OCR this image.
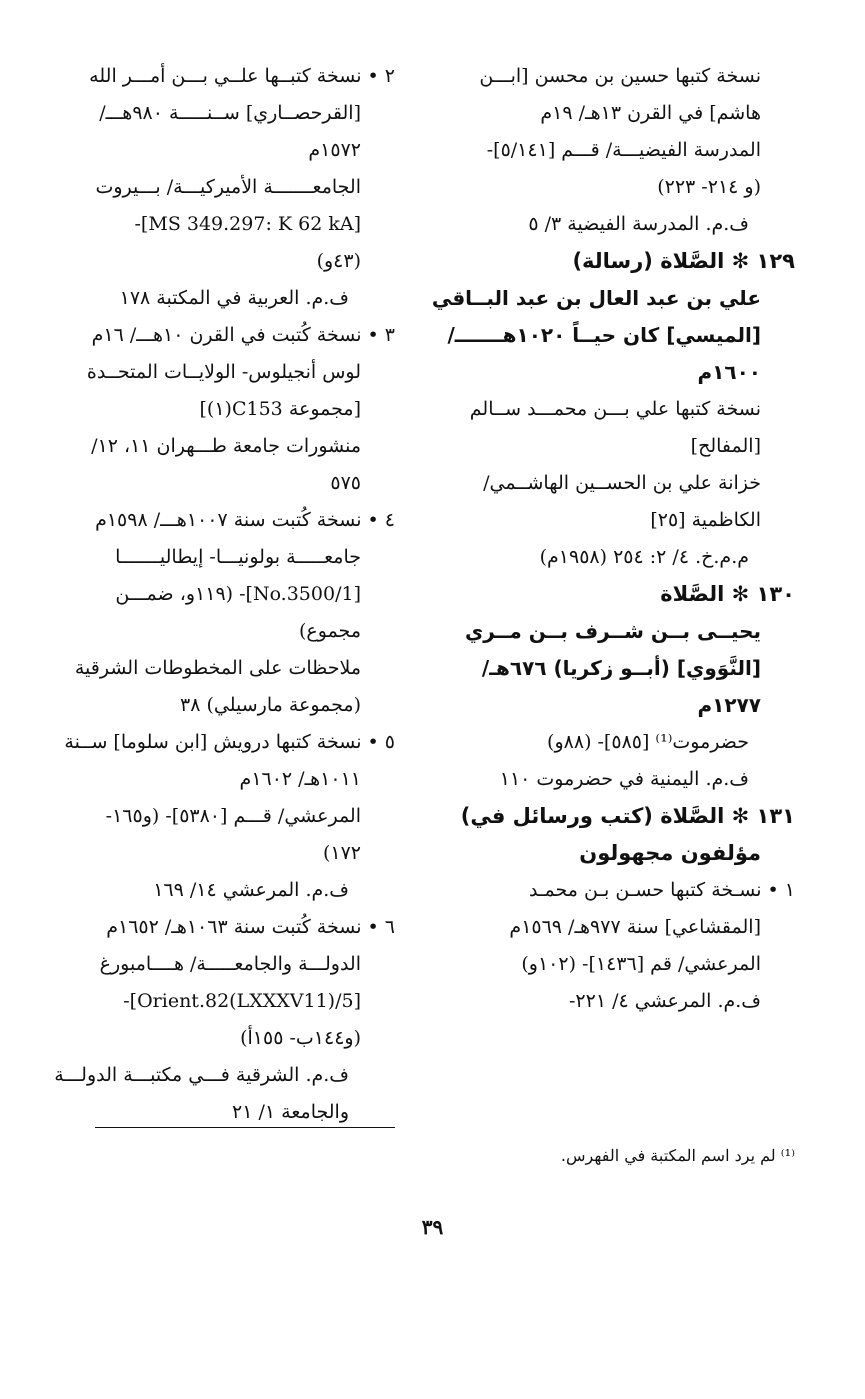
نسخة كتبها حسين بن محسن [ابـــن
هاشم] في القرن ١٣هـ/ ١٩م
المدرسة الفيضيـــة/ قـــم [٥/١٤١]-
(و ٢١٤- ٢٢٣)
ف.م. المدرسة الفيضية ٣/ ٥
١٢٩ ✻ الصَّلاة (رسالة)
علي بن عبد العال بن عبد البــاقي
[الميسي] كان حيــاً ١٠٢٠هـــــــ/
١٦٠٠م
نسخة كتبها علي بـــن محمـــد ســالم
[المفالح]
خزانة علي بن الحســين الهاشــمي/
الكاظمية [٢٥]
م.م.خ. ٤/ ٢: ٢٥٤ (١٩٥٨م)
١٣٠ ✻ الصَّلاة
يحيــى بــن شــرف بــن مــري
[النَّوَوي] (أبــو زكريا) ٦٧٦هـ/
١٢٧٧م
حضرموت⁽¹⁾ [٥٨٥]- (٨٨و)
ف.م. اليمنية في حضرموت ١١٠
١٣١ ✻ الصَّلاة (كتب ورسائل في)
مؤلفون مجهولون
١ • نسـخة كتبها حسـن بـن محمـد
[المقشاعي] سنة ٩٧٧هـ/ ١٥٦٩م
المرعشي/ قم [١٤٣٦]- (١٠٢و)
ف.م. المرعشي ٤/ ٢٢١-
٢ • نسخة كتبــها علــي بـــن أمـــر الله
[القرحصــاري] ســنـــــة ٩٨٠هـــ/
١٥٧٢م
الجامعـــــــة الأميركيـــة/ بـــيروت
[MS 349.297: K 62 kA]-
(٤٣و)
ف.م. العربية في المكتبة ١٧٨
٣ • نسخة كُتبت في القرن ١٠هـــ/ ١٦م
لوس أنجيلوس- الولايــات المتحــدة
[مجموعة C153(١)]
منشورات جامعة طـــهران ١١، ١٢/
٥٧٥
٤ • نسخة كُتبت سنة ١٠٠٧هـــ/ ١٥٩٨م
جامعـــــة بولونيـــا- إيطاليـــــــا
[No.3500/1]- (١١٩و، ضمـــن
مجموع)
ملاحظات على المخطوطات الشرقية
(مجموعة مارسيلي) ٣٨
٥ • نسخة كتبها درويش [ابن سلوما] ســنة
١٠١١هـ/ ١٦٠٢م
المرعشي/ قـــم [٥٣٨٠]- (و١٦٥-
١٧٢)
ف.م. المرعشي ١٤/ ١٦٩
٦ • نسخة كُتبت سنة ١٠٦٣هـ/ ١٦٥٢م
الدولـــة والجامعـــــة/ هــــامبورغ
[Orient.82(LXXXV11)/5]-
(و١٤٤ب- ١٥٥أ)
ف.م. الشرقية فـــي مكتبـــة الدولـــة
والجامعة ١/ ٢١
⁽¹⁾ لم يرد اسم المكتبة في الفهرس.
٣٩
